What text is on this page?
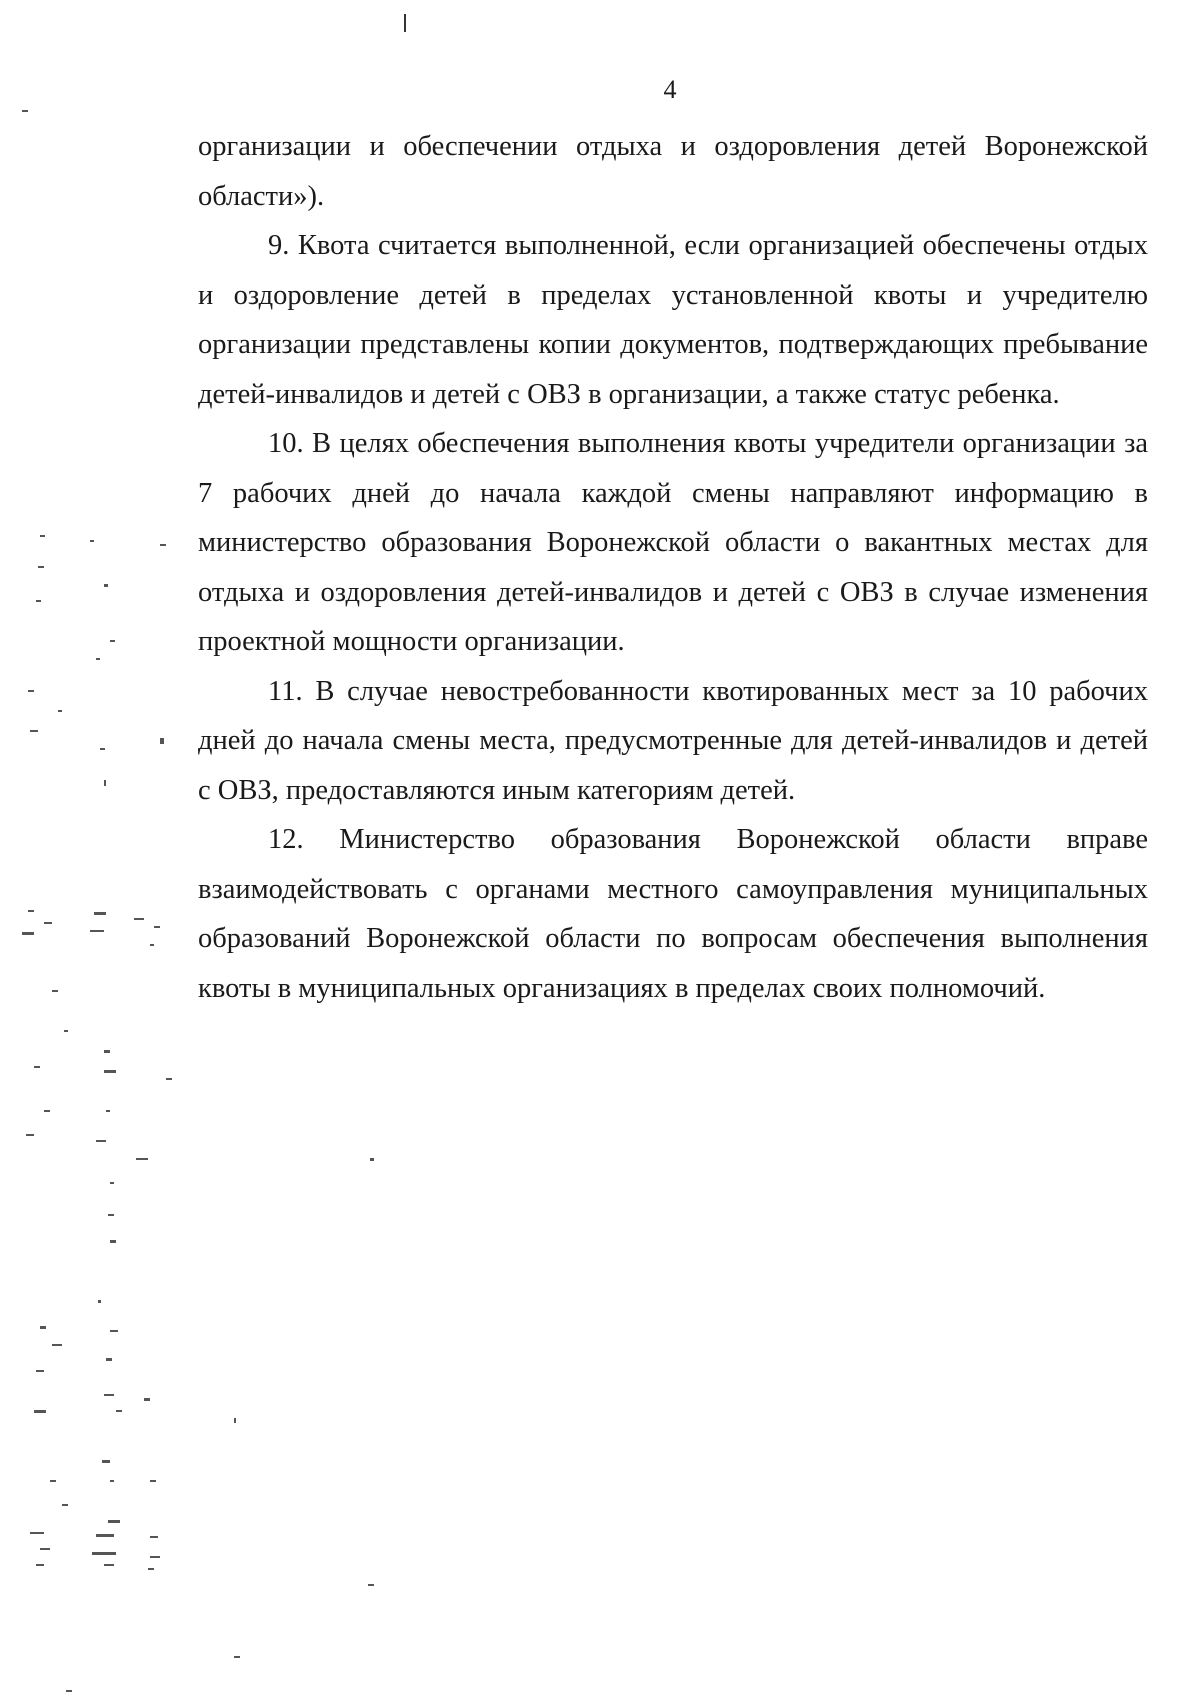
4

организации и обеспечении отдыха и оздоровления детей Воронежской области»).

9. Квота считается выполненной, если организацией обеспечены отдых и оздоровление детей в пределах установленной квоты и учредителю организации представлены копии документов, подтверждающих пребывание детей-инвалидов и детей с ОВЗ в организации, а также статус ребенка.

10. В целях обеспечения выполнения квоты учредители организации за 7 рабочих дней до начала каждой смены направляют информацию в министерство образования Воронежской области о вакантных местах для отдыха и оздоровления детей-инвалидов и детей с ОВЗ в случае изменения проектной мощности организации.

11. В случае невостребованности квотированных мест за 10 рабочих дней до начала смены места, предусмотренные для детей-инвалидов и детей с ОВЗ, предоставляются иным категориям детей.

12. Министерство образования Воронежской области вправе взаимодействовать с органами местного самоуправления муниципальных образований Воронежской области по вопросам обеспечения выполнения квоты в муниципальных организациях в пределах своих полномочий.
